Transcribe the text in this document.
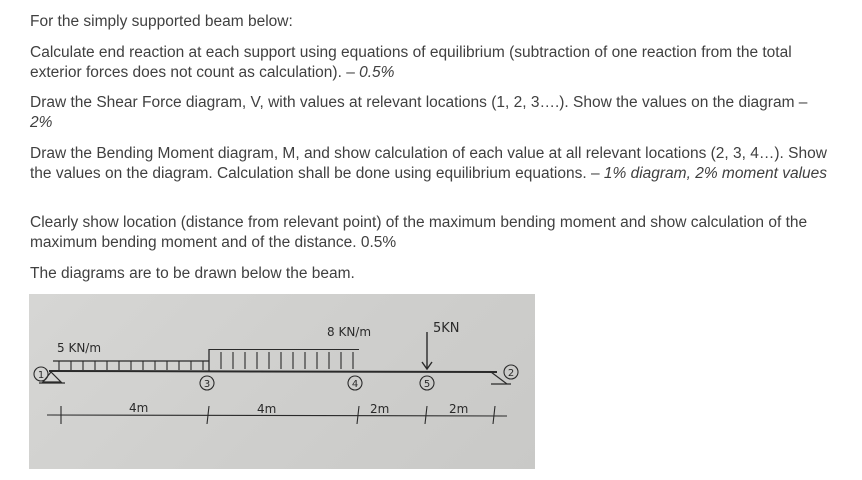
For the simply supported beam below:

Calculate end reaction at each support using equations of equilibrium (subtraction of one reaction from the total exterior forces does not count as calculation). – 0.5%

Draw the Shear Force diagram, V, with values at relevant locations (1, 2, 3….). Show the values on the diagram – 2%

Draw the Bending Moment diagram, M, and show calculation of each value at all relevant locations (2, 3, 4…). Show the values on the diagram. Calculation shall be done using equilibrium equations. – 1% diagram, 2% moment values

Clearly show location (distance from relevant point) of the maximum bending moment and show calculation of the maximum bending moment and of the distance. 0.5%

The diagrams are to be drawn below the beam.

1	2
3	4	5
5 KN/m
8 KN/m	5KN
4m	4m	2m	2m
